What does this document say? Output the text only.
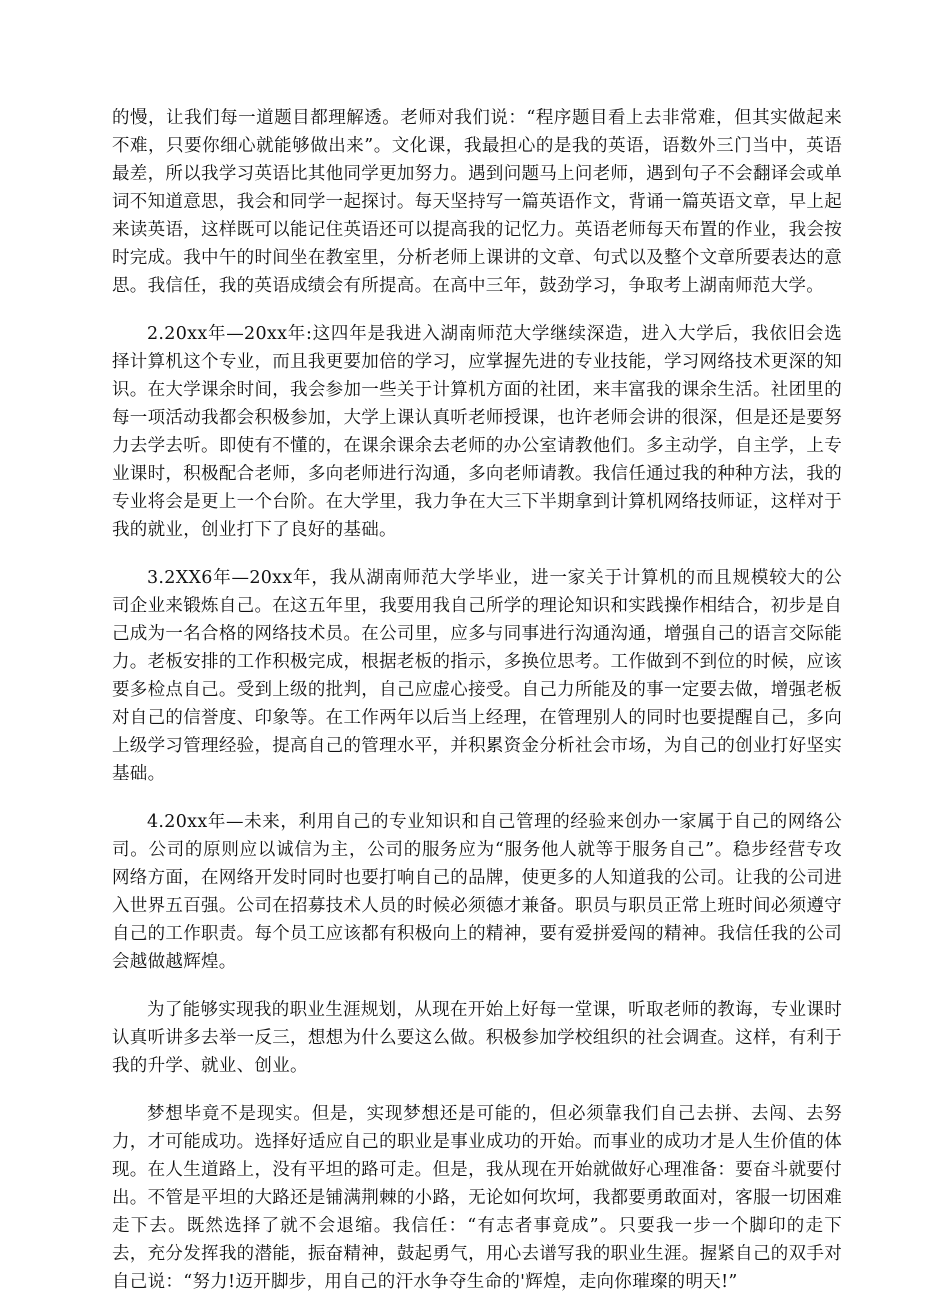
的慢，让我们每一道题目都理解透。老师对我们说：“程序题目看上去非常难，但其实做起来不难，只要你细心就能够做出来”。文化课，我最担心的是我的英语，语数外三门当中，英语最差，所以我学习英语比其他同学更加努力。遇到问题马上问老师，遇到句子不会翻译会或单词不知道意思，我会和同学一起探讨。每天坚持写一篇英语作文，背诵一篇英语文章，早上起来读英语，这样既可以能记住英语还可以提高我的记忆力。英语老师每天布置的作业，我会按时完成。我中午的时间坐在教室里，分析老师上课讲的文章、句式以及整个文章所要表达的意思。我信任，我的英语成绩会有所提高。在高中三年，鼓劲学习，争取考上湖南师范大学。

2.20xx年—20xx年:这四年是我进入湖南师范大学继续深造，进入大学后，我依旧会选择计算机这个专业，而且我更要加倍的学习，应掌握先进的专业技能，学习网络技术更深的知识。在大学课余时间，我会参加一些关于计算机方面的社团，来丰富我的课余生活。社团里的每一项活动我都会积极参加，大学上课认真听老师授课，也许老师会讲的很深，但是还是要努力去学去听。即使有不懂的，在课余课余去老师的办公室请教他们。多主动学，自主学，上专业课时，积极配合老师，多向老师进行沟通，多向老师请教。我信任通过我的种种方法，我的专业将会是更上一个台阶。在大学里，我力争在大三下半期拿到计算机网络技师证，这样对于我的就业，创业打下了良好的基础。

3.2XX6年—20xx年，我从湖南师范大学毕业，进一家关于计算机的而且规模较大的公司企业来锻炼自己。在这五年里，我要用我自己所学的理论知识和实践操作相结合，初步是自己成为一名合格的网络技术员。在公司里，应多与同事进行沟通沟通，增强自己的语言交际能力。老板安排的工作积极完成，根据老板的指示，多换位思考。工作做到不到位的时候，应该要多检点自己。受到上级的批判，自己应虚心接受。自己力所能及的事一定要去做，增强老板对自己的信誉度、印象等。在工作两年以后当上经理，在管理别人的同时也要提醒自己，多向上级学习管理经验，提高自己的管理水平，并积累资金分析社会市场，为自己的创业打好坚实基础。

4.20xx年—未来，利用自己的专业知识和自己管理的经验来创办一家属于自己的网络公司。公司的原则应以诚信为主，公司的服务应为“服务他人就等于服务自己”。稳步经营专攻网络方面，在网络开发时同时也要打响自己的品牌，使更多的人知道我的公司。让我的公司进入世界五百强。公司在招募技术人员的时候必须德才兼备。职员与职员正常上班时间必须遵守自己的工作职责。每个员工应该都有积极向上的精神，要有爱拼爱闯的精神。我信任我的公司会越做越辉煌。

为了能够实现我的职业生涯规划，从现在开始上好每一堂课，听取老师的教诲，专业课时认真听讲多去举一反三，想想为什么要这么做。积极参加学校组织的社会调查。这样，有利于我的升学、就业、创业。

梦想毕竟不是现实。但是，实现梦想还是可能的，但必须靠我们自己去拼、去闯、去努力，才可能成功。选择好适应自己的职业是事业成功的开始。而事业的成功才是人生价值的体现。在人生道路上，没有平坦的路可走。但是，我从现在开始就做好心理准备：要奋斗就要付出。不管是平坦的大路还是铺满荆棘的小路，无论如何坎坷，我都要勇敢面对，客服一切困难走下去。既然选择了就不会退缩。我信任：“有志者事竟成”。只要我一步一个脚印的走下去，充分发挥我的潜能，振奋精神，鼓起勇气，用心去谱写我的职业生涯。握紧自己的双手对自己说：“努力!迈开脚步，用自己的汗水争夺生命的'辉煌，走向你璀璨的明天!”
